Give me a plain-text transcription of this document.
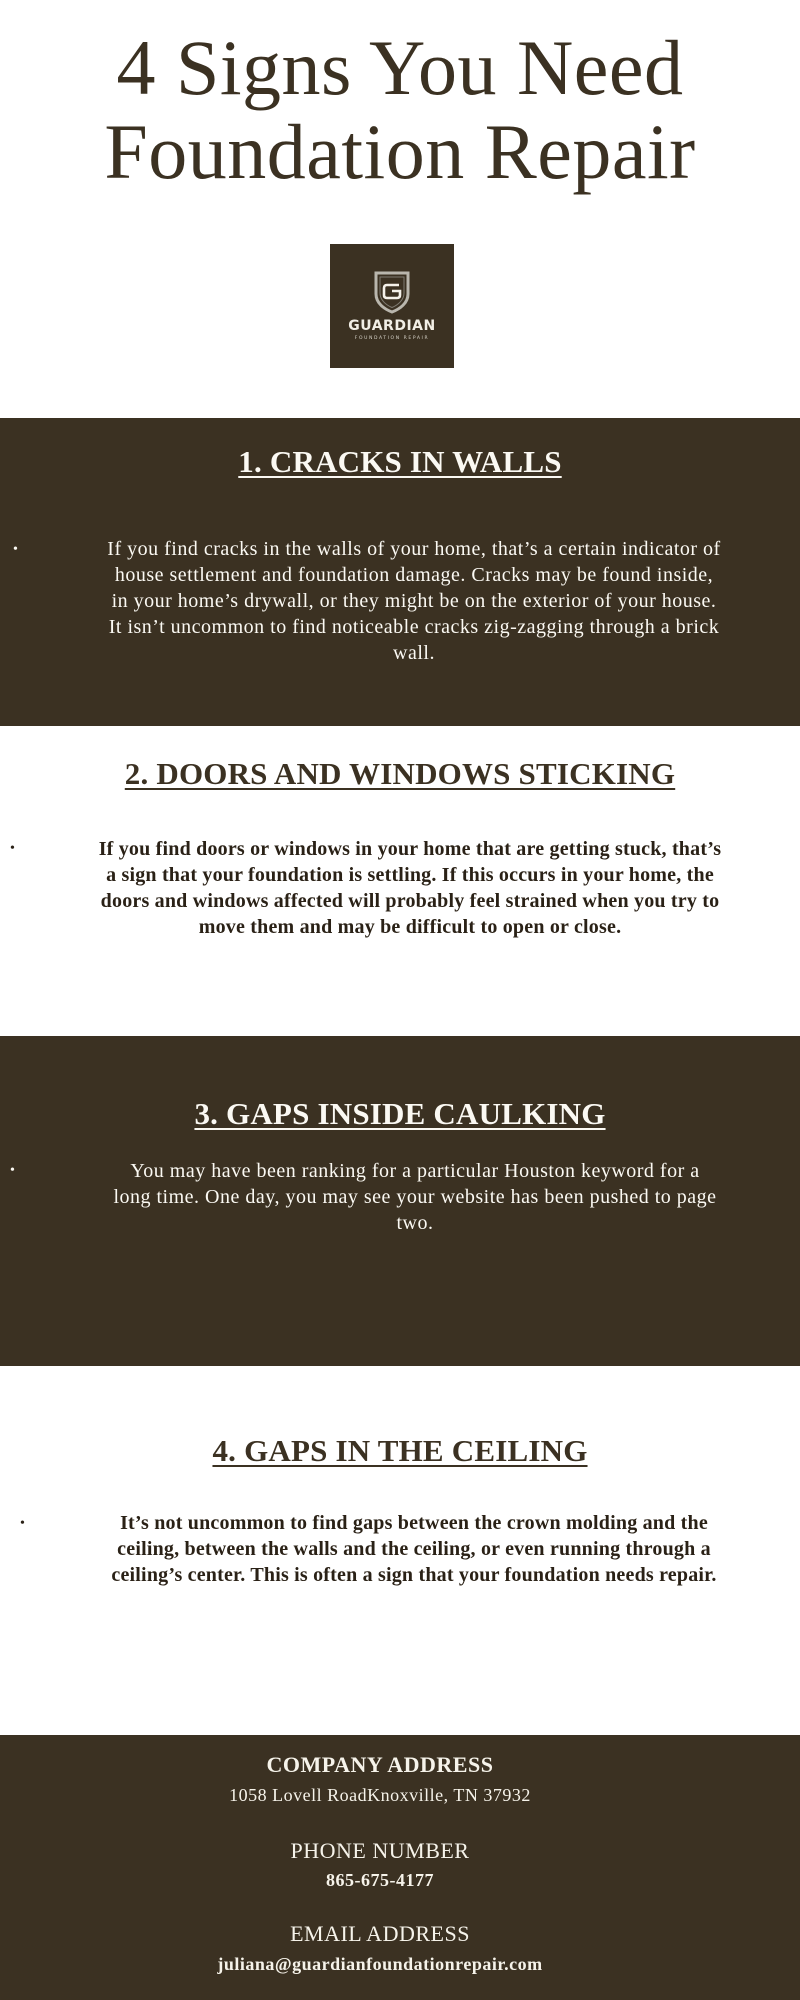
4 Signs You Need
Foundation Repair
GUARDIAN
FOUNDATION REPAIR
1. CRACKS IN WALLS
•	If you find cracks in the walls of your home, that’s a certain indicator of
house settlement and foundation damage. Cracks may be found inside,
in your home’s drywall, or they might be on the exterior of your house.
It isn’t uncommon to find noticeable cracks zig-zagging through a brick
wall.
2. DOORS AND WINDOWS STICKING
•	If you find doors or windows in your home that are getting stuck, that’s
a sign that your foundation is settling. If this occurs in your home, the
doors and windows affected will probably feel strained when you try to
move them and may be difficult to open or close.
3. GAPS INSIDE CAULKING
•	You may have been ranking for a particular Houston keyword for a
long time. One day, you may see your website has been pushed to page
two.
4. GAPS IN THE CEILING
•	It’s not uncommon to find gaps between the crown molding and the
ceiling, between the walls and the ceiling, or even running through a
ceiling’s center. This is often a sign that your foundation needs repair.
COMPANY ADDRESS
1058 Lovell RoadKnoxville, TN 37932
PHONE NUMBER
865-675-4177
EMAIL ADDRESS
juliana@guardianfoundationrepair.com
